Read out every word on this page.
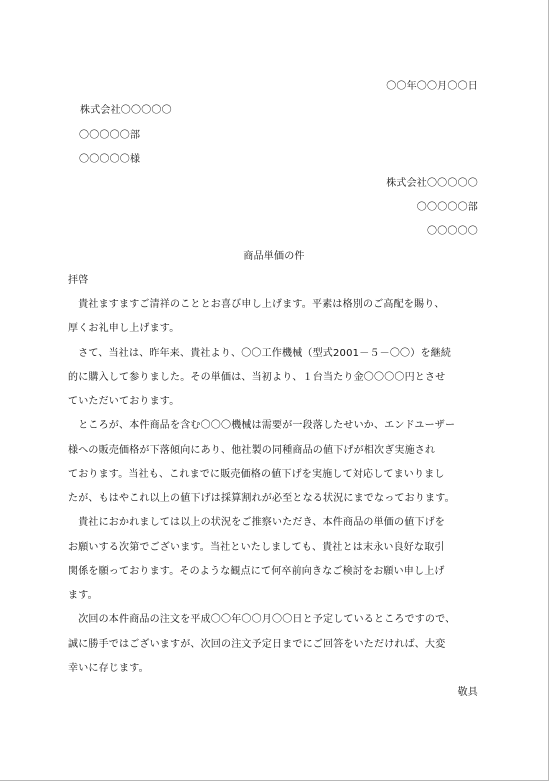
〇〇年〇〇月〇〇日
株式会社〇〇〇〇〇
〇〇〇〇〇部
〇〇〇〇〇様
株式会社〇〇〇〇〇
〇〇〇〇〇部
〇〇〇〇〇
商品単価の件
拝啓
　貴社ますますご清祥のこととお喜び申し上げます。平素は格別のご高配を賜り、
厚くお礼申し上げます。
　さて、当社は、昨年来、貴社より、〇〇工作機械（型式2001－５－〇〇）を継続
的に購入して参りました。その単価は、当初より、１台当たり金〇〇〇〇円とさせ
ていただいております。
　ところが、本件商品を含む〇〇〇機械は需要が一段落したせいか、エンドユーザー
様への販売価格が下落傾向にあり、他社製の同種商品の値下げが相次ぎ実施され
ております。当社も、これまでに販売価格の値下げを実施して対応してまいりまし
たが、もはやこれ以上の値下げは採算割れが必至となる状況にまでなっております。
　貴社におかれましては以上の状況をご推察いただき、本件商品の単価の値下げを
お願いする次第でございます。当社といたしましても、貴社とは末永い良好な取引
関係を願っております。そのような観点にて何卒前向きなご検討をお願い申し上げ
ます。
　次回の本件商品の注文を平成〇〇年〇〇月〇〇日と予定しているところですので、
誠に勝手ではございますが、次回の注文予定日までにご回答をいただければ、大変
幸いに存じます。
敬具
